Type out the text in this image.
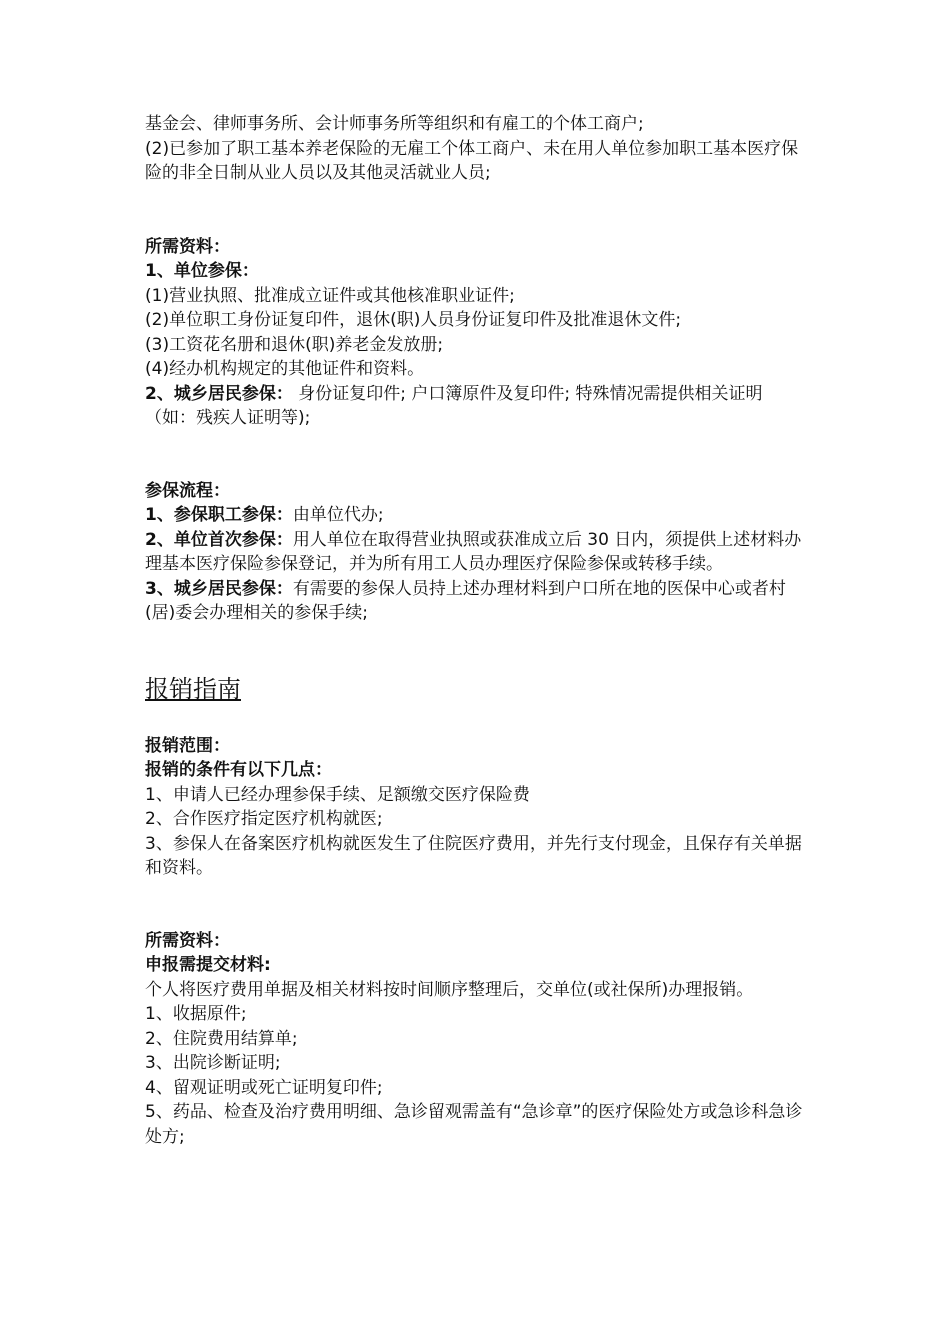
基金会、律师事务所、会计师事务所等组织和有雇工的个体工商户;

(2)已参加了职工基本养老保险的无雇工个体工商户、未在用人单位参加职工基本医疗保险的非全日制从业人员以及其他灵活就业人员;

所需资料：

1、单位参保：

(1)营业执照、批准成立证件或其他核准职业证件;

(2)单位职工身份证复印件，退休(职)人员身份证复印件及批准退休文件;

(3)工资花名册和退休(职)养老金发放册;

(4)经办机构规定的其他证件和资料。

2、城乡居民参保： 身份证复印件; 户口簿原件及复印件; 特殊情况需提供相关证明（如：残疾人证明等);

参保流程：

1、参保职工参保：由单位代办;

2、单位首次参保：用人单位在取得营业执照或获准成立后 30 日内，须提供上述材料办理基本医疗保险参保登记，并为所有用工人员办理医疗保险参保或转移手续。

3、城乡居民参保：有需要的参保人员持上述办理材料到户口所在地的医保中心或者村(居)委会办理相关的参保手续;

报销指南

报销范围：

报销的条件有以下几点：

1、申请人已经办理参保手续、足额缴交医疗保险费

2、合作医疗指定医疗机构就医;

3、参保人在备案医疗机构就医发生了住院医疗费用，并先行支付现金，且保存有关单据和资料。

所需资料：

申报需提交材料:

个人将医疗费用单据及相关材料按时间顺序整理后，交单位(或社保所)办理报销。

1、收据原件;

2、住院费用结算单;

3、出院诊断证明;

4、留观证明或死亡证明复印件;

5、药品、检查及治疗费用明细、急诊留观需盖有“急诊章”的医疗保险处方或急诊科急诊处方;
